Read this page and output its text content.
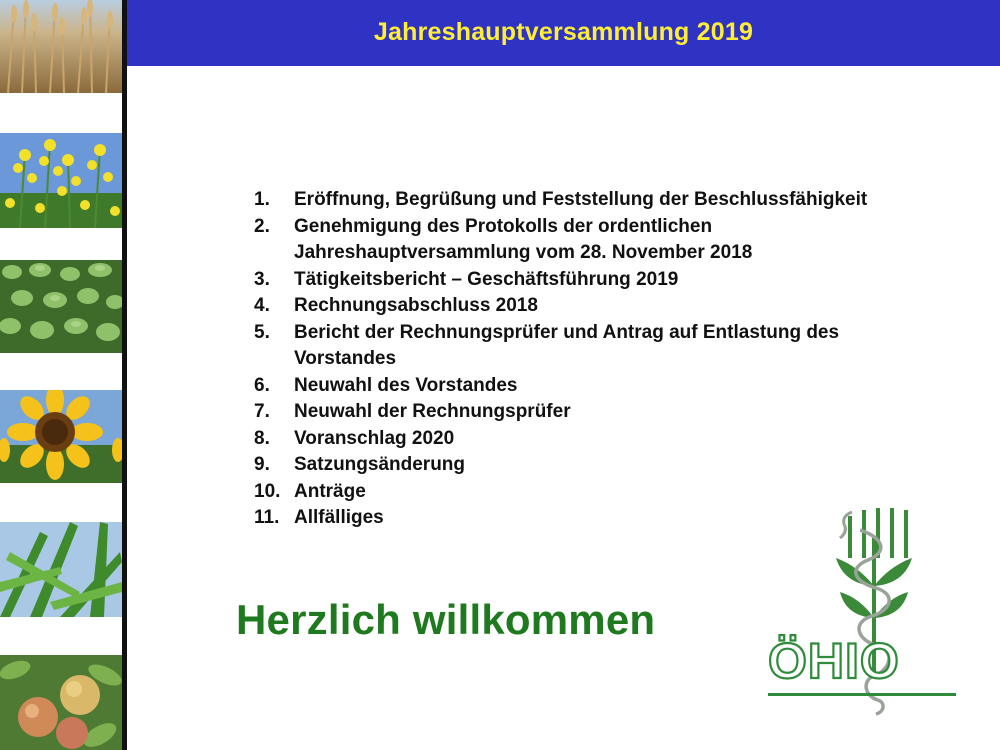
Jahreshauptversammlung 2019
1.	Eröffnung, Begrüßung und Feststellung der Beschlussfähigkeit
2.	Genehmigung des Protokolls der ordentlichen
Jahreshauptversammlung vom 28. November 2018
3.	Tätigkeitsbericht – Geschäftsführung 2019
4.	Rechnungsabschluss 2018
5.	Bericht der Rechnungsprüfer und Antrag auf Entlastung des
Vorstandes
6.	Neuwahl des Vorstandes
7.	Neuwahl der Rechnungsprüfer
8.	Voranschlag 2020
9.	Satzungsänderung
10. Anträge
11. Allfälliges
Herzlich willkommen
ÖHIO
